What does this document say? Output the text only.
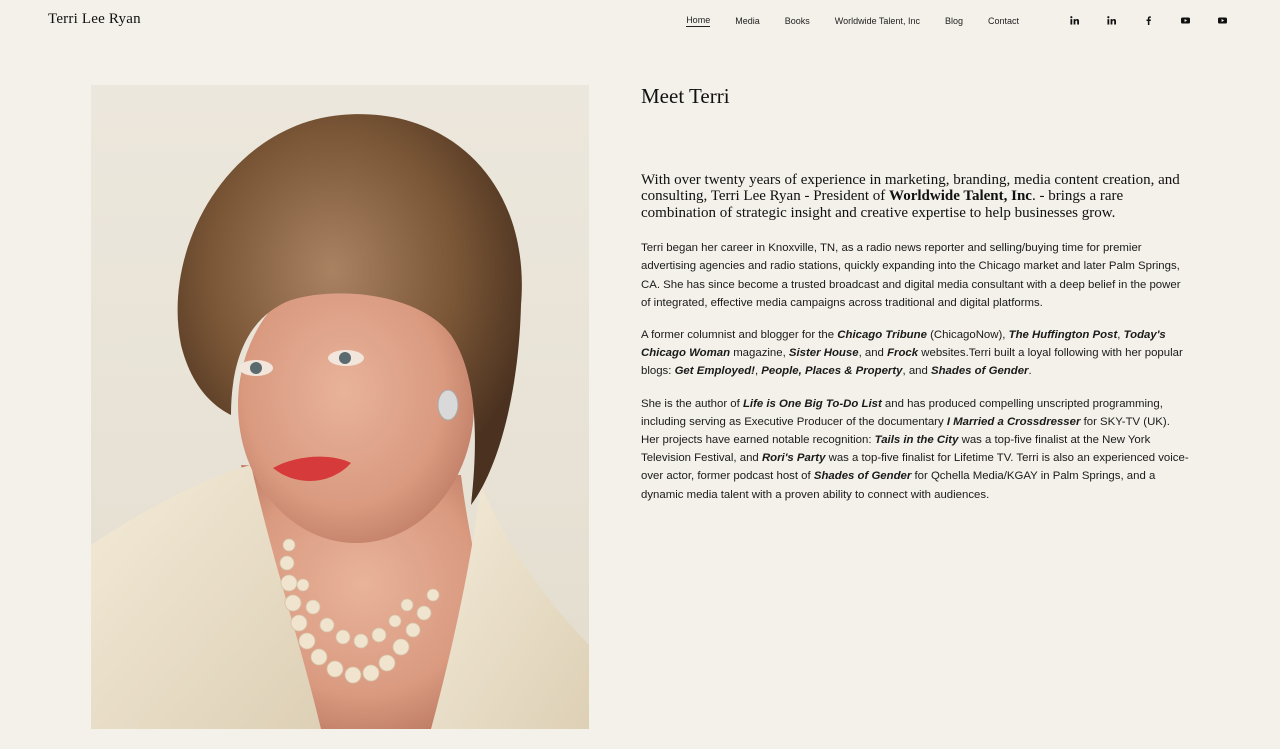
Terri Lee Ryan	Home	Media	Books	Worldwide Talent, Inc	Blog	Contact
Meet Terri

With over twenty years of experience in marketing, branding, media content creation, and consulting, Terri Lee Ryan - President of Worldwide Talent, Inc. - brings a rare combination of strategic insight and creative expertise to help businesses grow.

Terri began her career in Knoxville, TN, as a radio news reporter and selling/buying time for premier advertising agencies and radio stations, quickly expanding into the Chicago market and later Palm Springs, CA. She has since become a trusted broadcast and digital media consultant with a deep belief in the power of integrated, effective media campaigns across traditional and digital platforms.

A former columnist and blogger for the Chicago Tribune (ChicagoNow), The Huffington Post, Today's Chicago Woman magazine, Sister House, and Frock websites.Terri built a loyal following with her popular blogs: Get Employed!, People, Places & Property, and Shades of Gender.

She is the author of Life is One Big To-Do List and has produced compelling unscripted programming, including serving as Executive Producer of the documentary I Married a Crossdresser for SKY-TV (UK). Her projects have earned notable recognition: Tails in the City was a top-five finalist at the New York Television Festival, and Rori's Party was a top-five finalist for Lifetime TV. Terri is also an experienced voice-over actor, former podcast host of Shades of Gender for Qchella Media/KGAY in Palm Springs, and a dynamic media talent with a proven ability to connect with audiences.
